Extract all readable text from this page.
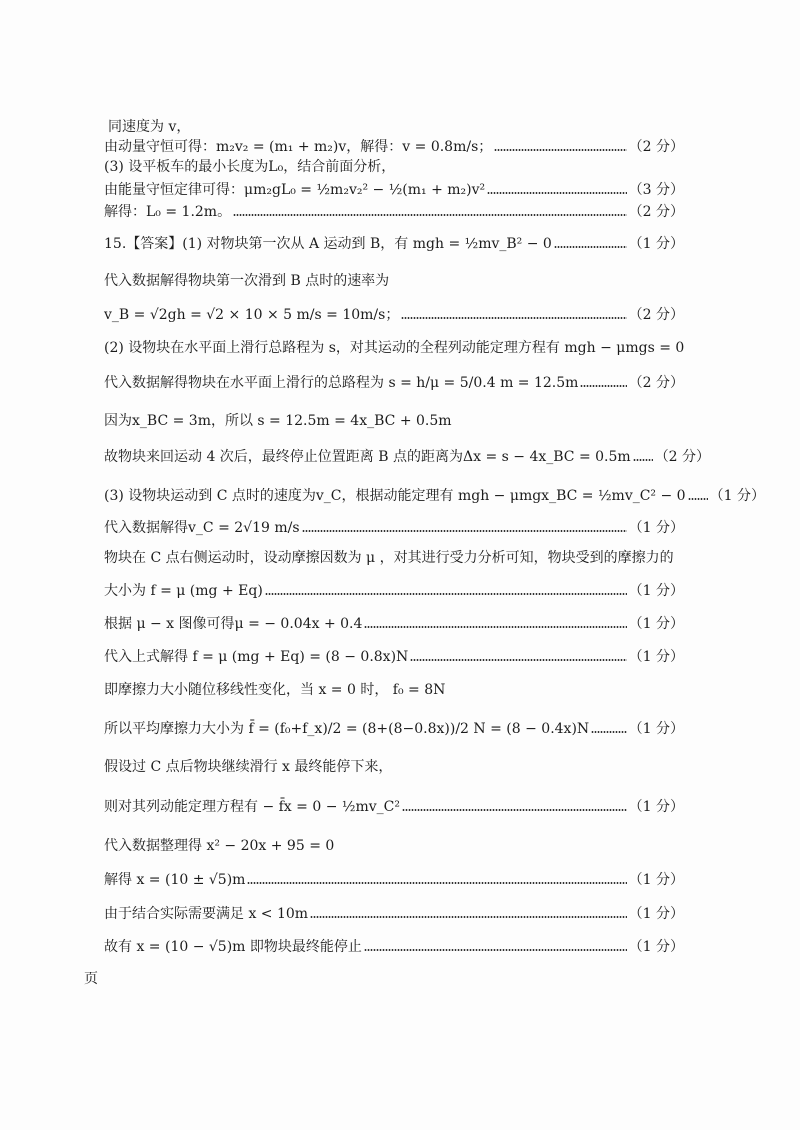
同速度为 v，
由动量守恒可得：m₂v₂ = (m₁ + m₂)v，解得：v = 0.8m/s；	（2 分）
(3) 设平板车的最小长度为L₀，结合前面分析，
由能量守恒定律可得：μm₂gL₀ = ½m₂v₂² − ½(m₁ + m₂)v²	（3 分）
解得：L₀ = 1.2m。	（2 分）
15.【答案】(1) 对物块第一次从 A 运动到 B，有 mgh = ½mv_B² − 0	（1 分）
代入数据解得物块第一次滑到 B 点时的速率为
v_B = √2gh = √2 × 10 × 5 m/s = 10m/s；	（2 分）
(2) 设物块在水平面上滑行总路程为 s，对其运动的全程列动能定理方程有 mgh − μmgs = 0
代入数据解得物块在水平面上滑行的总路程为 s = h/μ = 5/0.4 m = 12.5m	（2 分）
因为x_BC = 3m，所以 s = 12.5m = 4x_BC + 0.5m
故物块来回运动 4 次后，最终停止位置距离 B 点的距离为Δx = s − 4x_BC = 0.5m （2 分）
(3) 设物块运动到 C 点时的速度为v_C，根据动能定理有 mgh − μmgx_BC = ½mv_C² − 0 （1 分）
代入数据解得v_C = 2√19 m/s	（1 分）
物块在 C 点右侧运动时，设动摩擦因数为 μ ，对其进行受力分析可知，物块受到的摩擦力的
大小为 f = μ (mg + Eq)	（1 分）
根据 μ − x 图像可得μ = − 0.04x + 0.4	（1 分）
代入上式解得 f = μ (mg + Eq) = (8 − 0.8x)N	（1 分）
即摩擦力大小随位移线性变化，当 x = 0 时， f₀ = 8N
所以平均摩擦力大小为 f̄ = (f₀+f_x)/2 = (8+(8−0.8x))/2 N = (8 − 0.4x)N	（1 分）
假设过 C 点后物块继续滑行 x 最终能停下来，
则对其列动能定理方程有 − f̄x = 0 − ½mv_C²	（1 分）
代入数据整理得 x² − 20x + 95 = 0
解得 x = (10 ± √5)m	（1 分）
由于结合实际需要满足 x < 10m	（1 分）
故有 x = (10 − √5)m 即物块最终能停止	（1 分）
页
